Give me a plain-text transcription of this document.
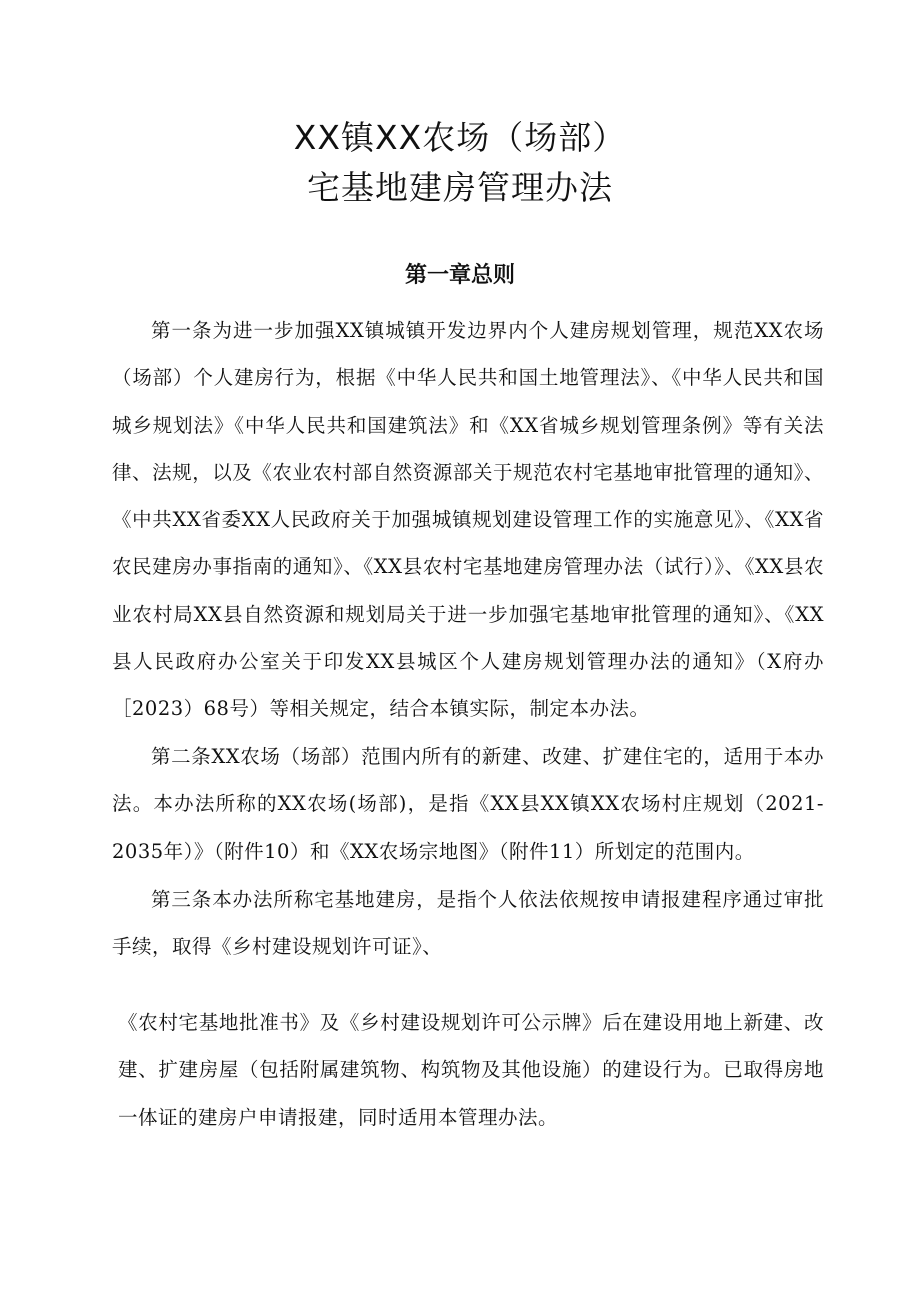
XX镇XX农场（场部）
宅基地建房管理办法
第一章总则

第一条为进一步加强XX镇城镇开发边界内个人建房规划管理，规范XX农场（场部）个人建房行为，根据《中华人民共和国土地管理法》、《中华人民共和国城乡规划法》《中华人民共和国建筑法》和《XX省城乡规划管理条例》等有关法律、法规，以及《农业农村部自然资源部关于规范农村宅基地审批管理的通知》、《中共XX省委XX人民政府关于加强城镇规划建设管理工作的实施意见》、《XX省农民建房办事指南的通知》、《XX县农村宅基地建房管理办法（试行）》、《XX县农业农村局XX县自然资源和规划局关于进一步加强宅基地审批管理的通知》、《XX县人民政府办公室关于印发XX县城区个人建房规划管理办法的通知》（X府办［2023）68号）等相关规定，结合本镇实际，制定本办法。

第二条XX农场（场部）范围内所有的新建、改建、扩建住宅的，适用于本办法。本办法所称的XX农场(场部)，是指《XX县XX镇XX农场村庄规划（2021-2035年）》（附件10）和《XX农场宗地图》（附件11）所划定的范围内。

第三条本办法所称宅基地建房，是指个人依法依规按申请报建程序通过审批手续，取得《乡村建设规划许可证》、

《农村宅基地批准书》及《乡村建设规划许可公示牌》后在建设用地上新建、改建、扩建房屋（包括附属建筑物、构筑物及其他设施）的建设行为。已取得房地一体证的建房户申请报建，同时适用本管理办法。
